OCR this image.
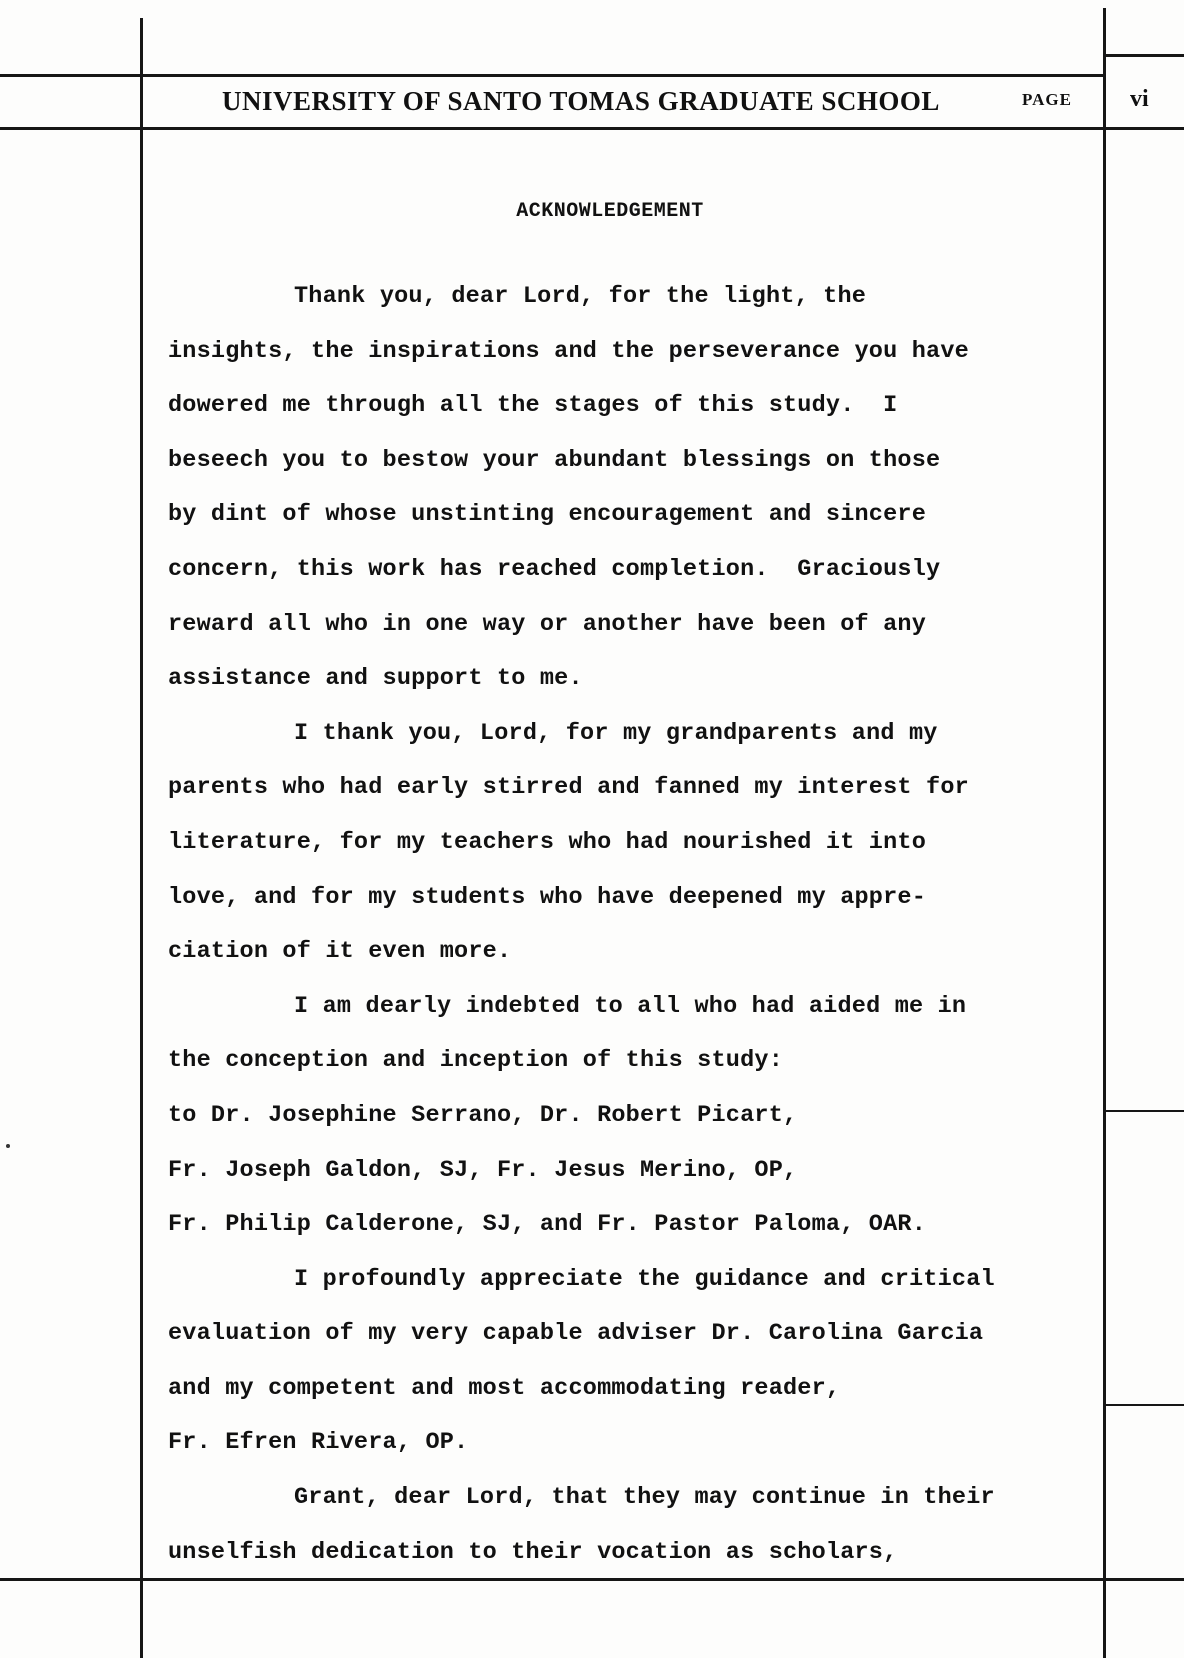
UNIVERSITY OF SANTO TOMAS GRADUATE SCHOOL	PAGE vi
ACKNOWLEDGEMENT
Thank you, dear Lord, for the light, the
insights, the inspirations and the perseverance you have
dowered me through all the stages of this study.  I
beseech you to bestow your abundant blessings on those
by dint of whose unstinting encouragement and sincere
concern, this work has reached completion.  Graciously
reward all who in one way or another have been of any
assistance and support to me.
I thank you, Lord, for my grandparents and my
parents who had early stirred and fanned my interest for
literature, for my teachers who had nourished it into
love, and for my students who have deepened my appre-
ciation of it even more.
I am dearly indebted to all who had aided me in
the conception and inception of this study:
to Dr. Josephine Serrano, Dr. Robert Picart,
Fr. Joseph Galdon, SJ, Fr. Jesus Merino, OP,
Fr. Philip Calderone, SJ, and Fr. Pastor Paloma, OAR.
I profoundly appreciate the guidance and critical
evaluation of my very capable adviser Dr. Carolina Garcia
and my competent and most accommodating reader,
Fr. Efren Rivera, OP.
Grant, dear Lord, that they may continue in their
unselfish dedication to their vocation as scholars,
